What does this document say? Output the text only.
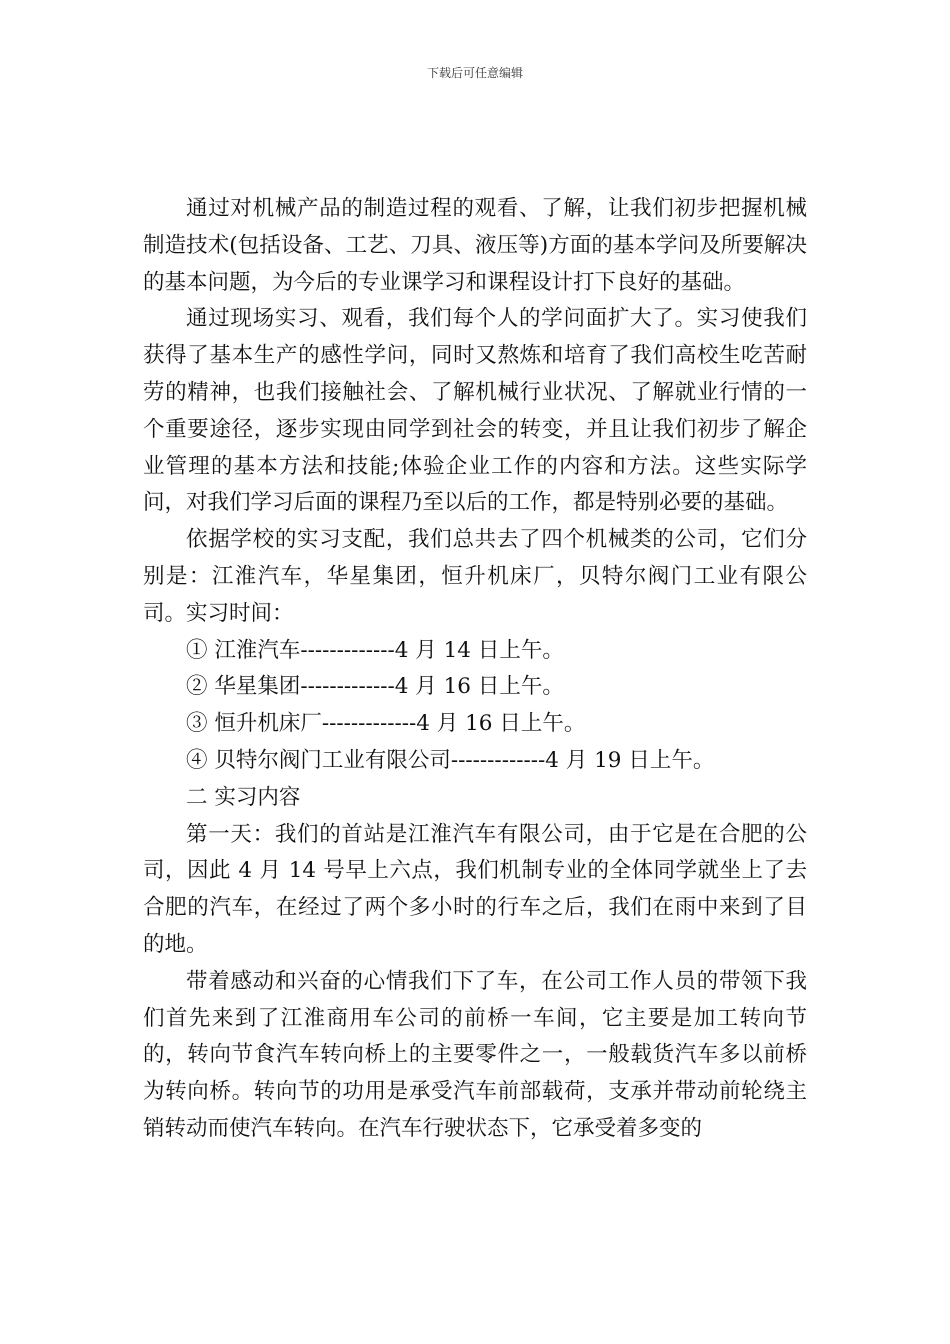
下载后可任意编辑

通过对机械产品的制造过程的观看、了解，让我们初步把握机械制造技术(包括设备、工艺、刀具、液压等)方面的基本学问及所要解决的基本问题，为今后的专业课学习和课程设计打下良好的基础。

通过现场实习、观看，我们每个人的学问面扩大了。实习使我们获得了基本生产的感性学问，同时又熬炼和培育了我们高校生吃苦耐劳的精神，也我们接触社会、了解机械行业状况、了解就业行情的一个重要途径，逐步实现由同学到社会的转变，并且让我们初步了解企业管理的基本方法和技能;体验企业工作的内容和方法。这些实际学问，对我们学习后面的课程乃至以后的工作，都是特别必要的基础。

依据学校的实习支配，我们总共去了四个机械类的公司，它们分别是：江淮汽车，华星集团，恒升机床厂，贝特尔阀门工业有限公司。实习时间：

① 江淮汽车-------------4 月 14 日上午。

② 华星集团-------------4 月 16 日上午。

③ 恒升机床厂-------------4 月 16 日上午。

④ 贝特尔阀门工业有限公司-------------4 月 19 日上午。

二 实习内容

第一天：我们的首站是江淮汽车有限公司，由于它是在合肥的公司，因此 4 月 14 号早上六点，我们机制专业的全体同学就坐上了去合肥的汽车，在经过了两个多小时的行车之后，我们在雨中来到了目的地。

带着感动和兴奋的心情我们下了车，在公司工作人员的带领下我们首先来到了江淮商用车公司的前桥一车间，它主要是加工转向节的，转向节食汽车转向桥上的主要零件之一，一般载货汽车多以前桥为转向桥。转向节的功用是承受汽车前部载荷，支承并带动前轮绕主销转动而使汽车转向。在汽车行驶状态下，它承受着多变的
